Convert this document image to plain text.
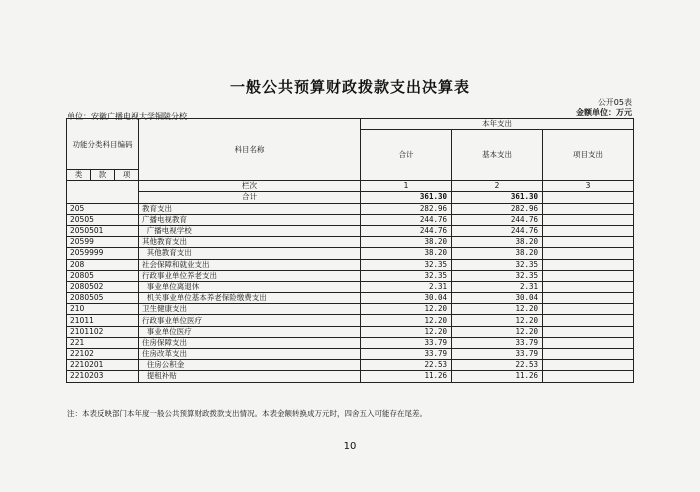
一般公共预算财政拨款支出决算表
公开05表
金额单位：万元
单位：安徽广播电视大学铜陵分校
功能分类科目编码			科目名称	本年支出		
				合计	基本支出	项目支出
类	款	项				
			栏次	1	2	3
			合计	361.30	361.30	
205			教育支出	282.96	282.96	
20505			广播电视教育	244.76	244.76	
2050501			广播电视学校	244.76	244.76	
20599			其他教育支出	38.20	38.20	
2059999			其他教育支出	38.20	38.20	
208			社会保障和就业支出	32.35	32.35	
20805			行政事业单位养老支出	32.35	32.35	
2080502			事业单位离退休	2.31	2.31	
2080505			机关事业单位基本养老保险缴费支出	30.04	30.04	
210			卫生健康支出	12.20	12.20	
21011			行政事业单位医疗	12.20	12.20	
2101102			事业单位医疗	12.20	12.20	
221			住房保障支出	33.79	33.79	
22102			住房改革支出	33.79	33.79	
2210201			住房公积金	22.53	22.53	
2210203			提租补贴	11.26	11.26	
注：本表反映部门本年度一般公共预算财政拨款支出情况。本表金额转换成万元时，四舍五入可能存在尾差。
10
